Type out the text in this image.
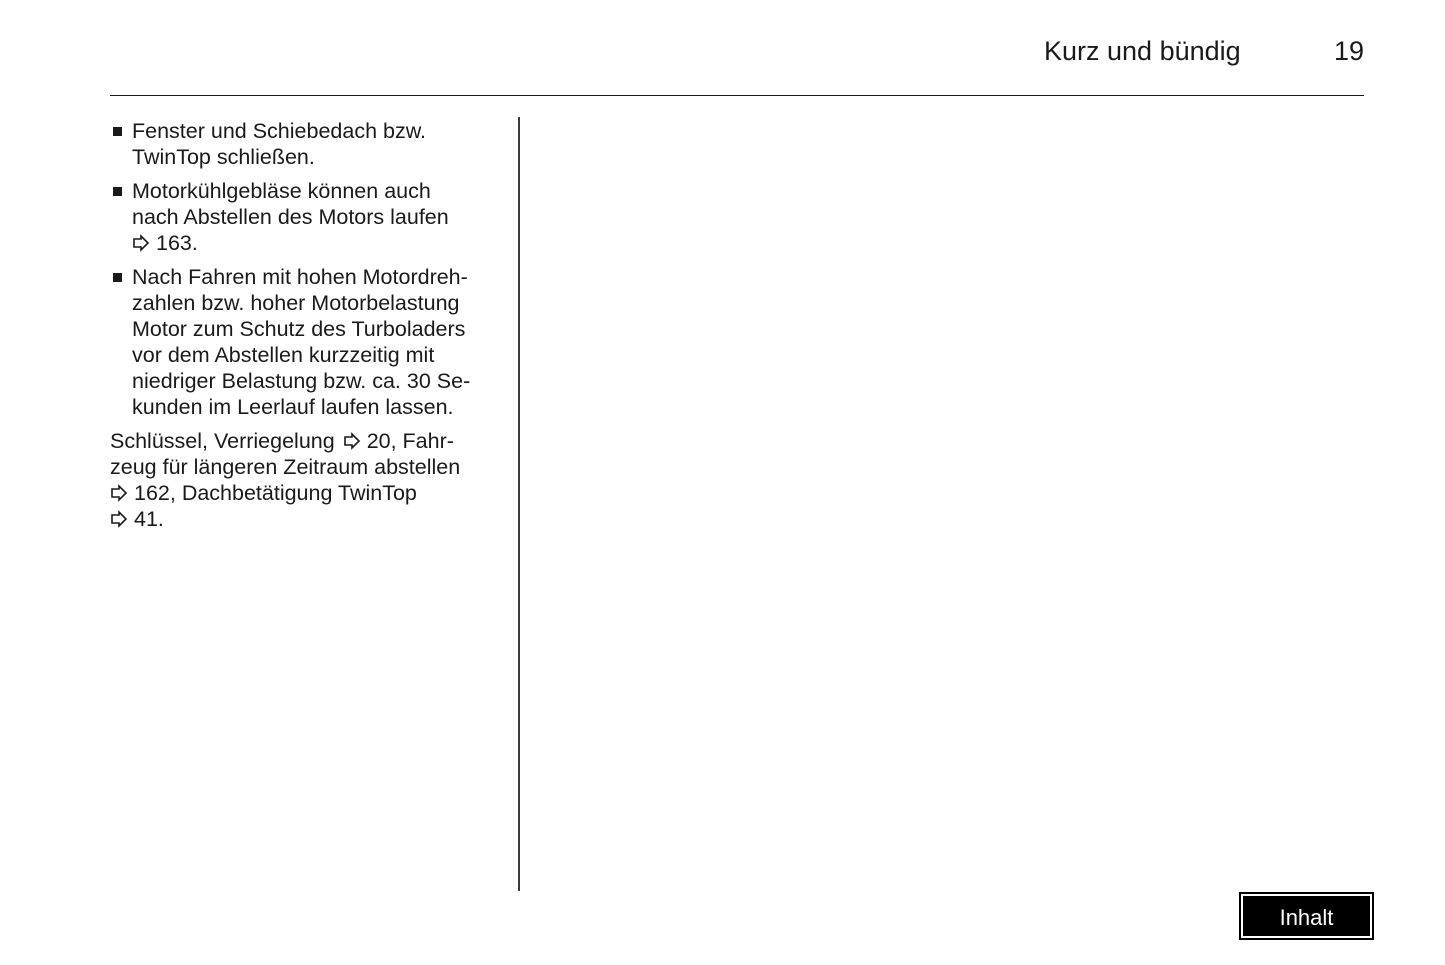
Kurz und bündig	19
Fenster und Schiebedach bzw.
TwinTop schließen.
Motorkühlgebläse können auch
nach Abstellen des Motors laufen
163.
Nach Fahren mit hohen Motordreh-
zahlen bzw. hoher Motorbelastung
Motor zum Schutz des Turboladers
vor dem Abstellen kurzzeitig mit
niedriger Belastung bzw. ca. 30 Se-
kunden im Leerlauf laufen lassen.
Schlüssel, Verriegelung 20, Fahr-
zeug für längeren Zeitraum abstellen
162, Dachbetätigung TwinTop
41.
Inhalt
